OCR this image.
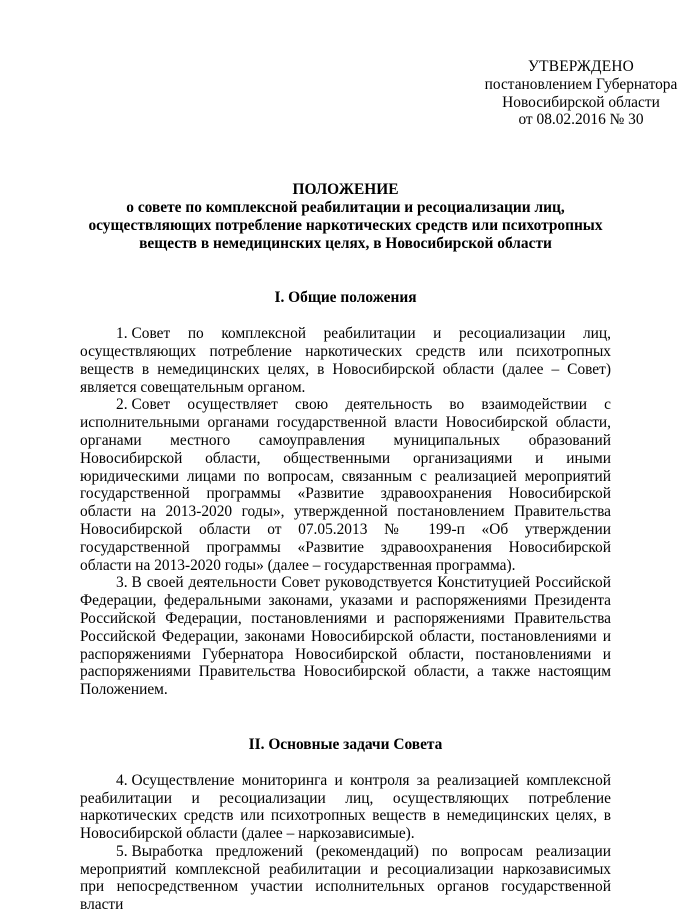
УТВЕРЖДЕНО
постановлением Губернатора
Новосибирской области
от 08.02.2016 № 30
ПОЛОЖЕНИЕ
о совете по комплексной реабилитации и ресоциализации лиц,
осуществляющих потребление наркотических средств или психотропных
веществ в немедицинских целях, в Новосибирской области
I. Общие положения

1. Совет по комплексной реабилитации и ресоциализации лиц, осуществляющих потребление наркотических средств или психотропных веществ в немедицинских целях, в Новосибирской области (далее – Совет) является совещательным органом.

2. Совет осуществляет свою деятельность во взаимодействии с исполнительными органами государственной власти Новосибирской области, органами местного самоуправления муниципальных образований Новосибирской области, общественными организациями и иными юридическими лицами по вопросам, связанным с реализацией мероприятий государственной программы «Развитие здравоохранения Новосибирской области на 2013-2020 годы», утвержденной постановлением Правительства Новосибирской области от 07.05.2013 № 199-п «Об утверждении государственной программы «Развитие здравоохранения Новосибирской области на 2013-2020 годы» (далее – государственная программа).

3. В своей деятельности Совет руководствуется Конституцией Российской Федерации, федеральными законами, указами и распоряжениями Президента Российской Федерации, постановлениями и распоряжениями Правительства Российской Федерации, законами Новосибирской области, постановлениями и распоряжениями Губернатора Новосибирской области, постановлениями и распоряжениями Правительства Новосибирской области, а также настоящим Положением.

II. Основные задачи Совета

4. Осуществление мониторинга и контроля за реализацией комплексной реабилитации и ресоциализации лиц, осуществляющих потребление наркотических средств или психотропных веществ в немедицинских целях, в Новосибирской области (далее – наркозависимые).

5. Выработка предложений (рекомендаций) по вопросам реализации мероприятий комплексной реабилитации и ресоциализации наркозависимых при непосредственном участии исполнительных органов государственной власти
